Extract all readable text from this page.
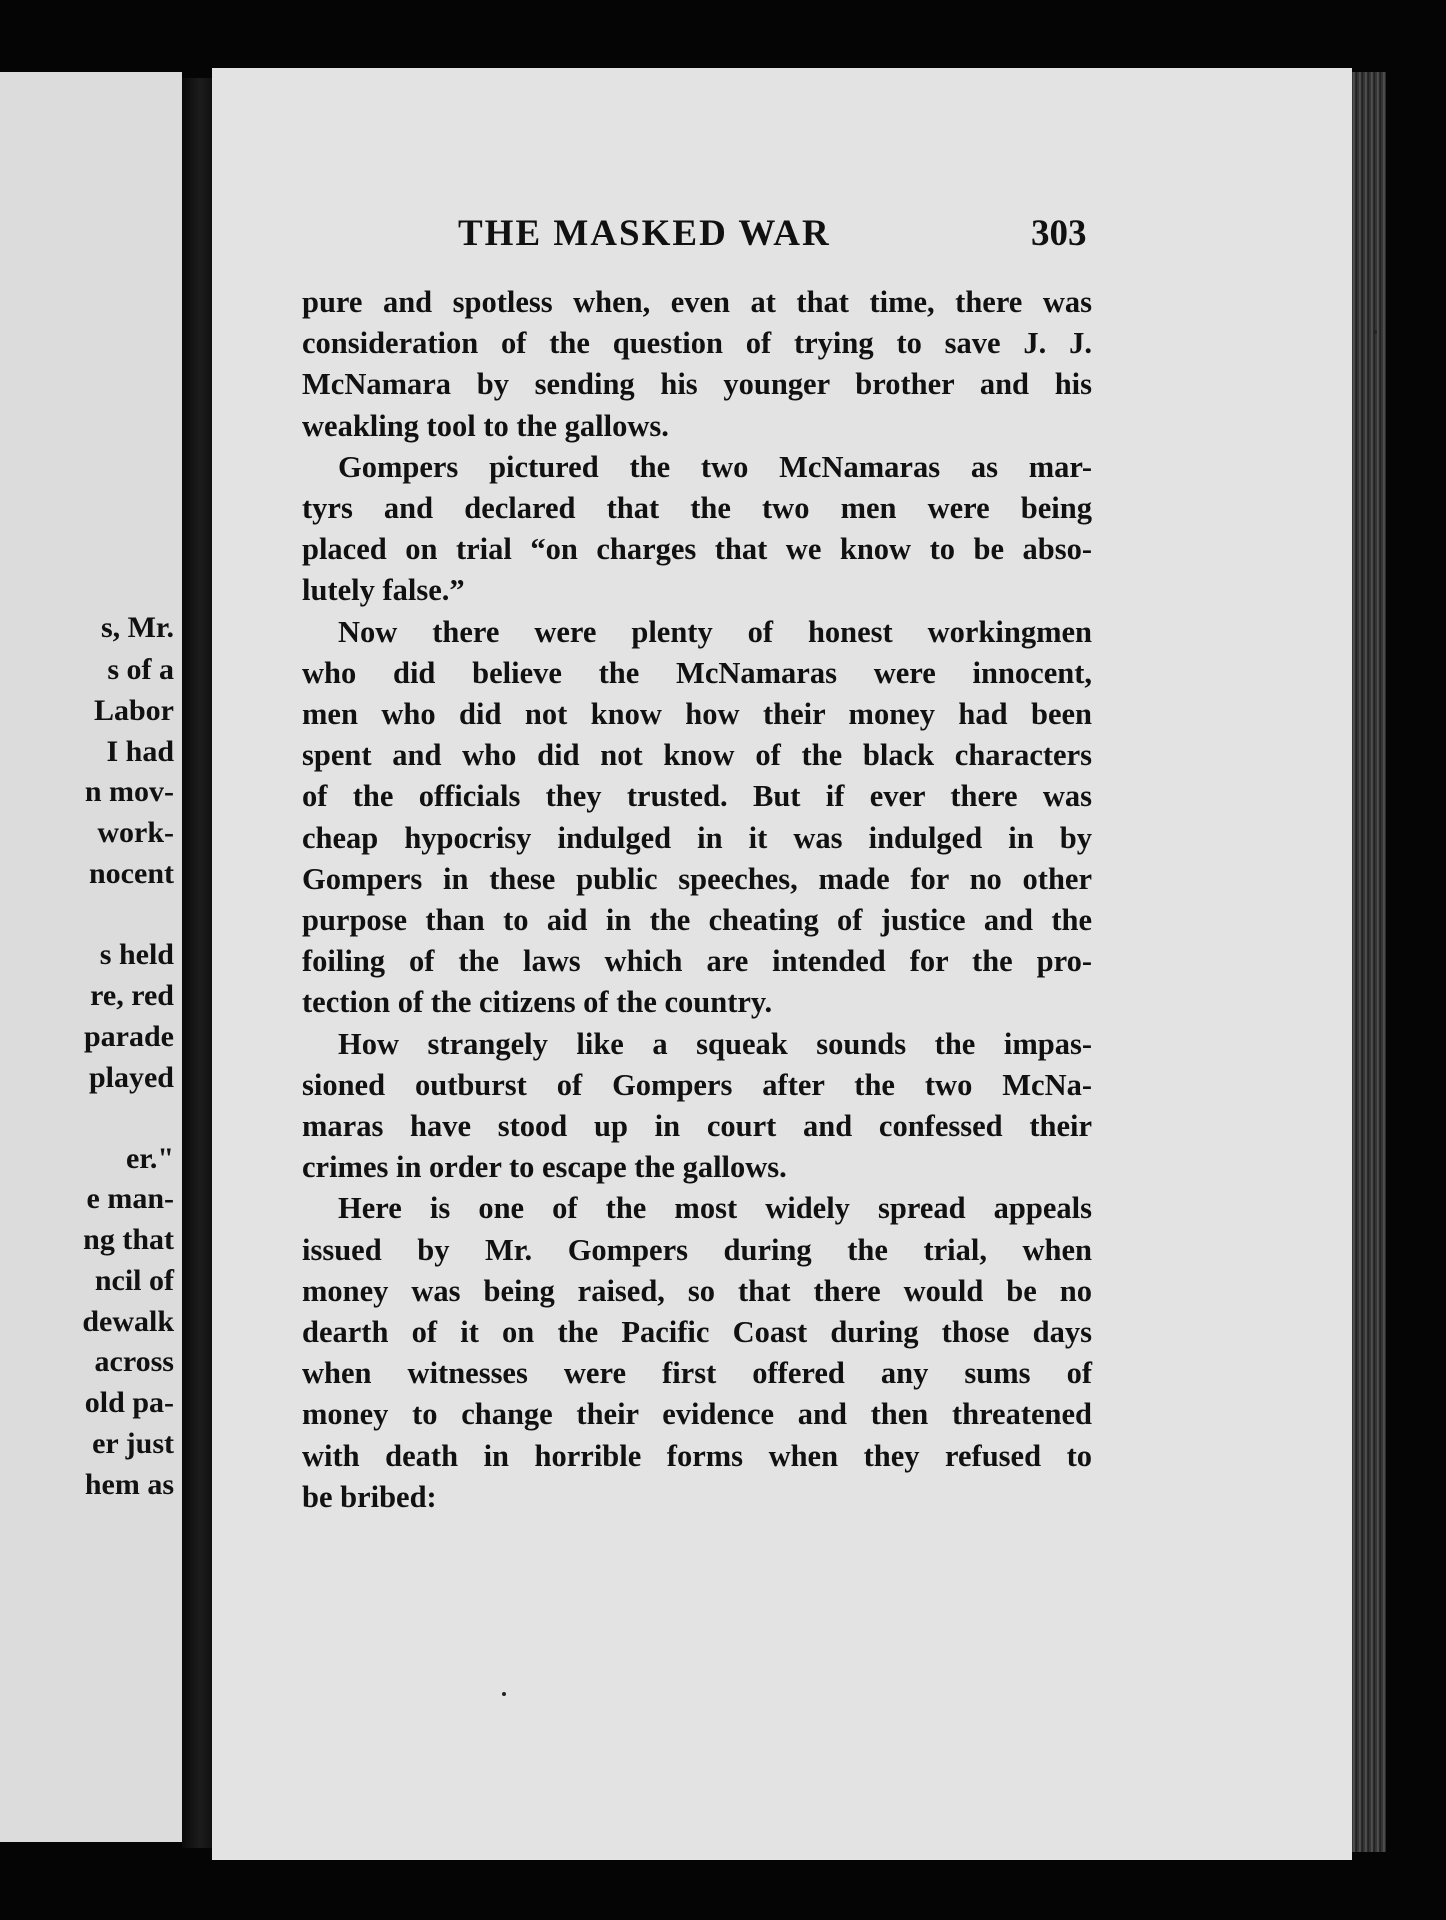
s, Mr.
s of a
Labor
I had
n mov-
work-
nocent
s held
re, red
parade
played
er."
e man-
ng that
ncil of
dewalk
across
old pa-
er just
hem as
THE MASKED WAR	303
pure and spotless when, even at that time, there was
consideration of the question of trying to save J. J.
McNamara by sending his younger brother and his
weakling tool to the gallows.
Gompers pictured the two McNamaras as mar-
tyrs and declared that the two men were being
placed on trial “on charges that we know to be abso-
lutely false.”
Now there were plenty of honest workingmen
who did believe the McNamaras were innocent,
men who did not know how their money had been
spent and who did not know of the black characters
of the officials they trusted. But if ever there was
cheap hypocrisy indulged in it was indulged in by
Gompers in these public speeches, made for no other
purpose than to aid in the cheating of justice and the
foiling of the laws which are intended for the pro-
tection of the citizens of the country.
How strangely like a squeak sounds the impas-
sioned outburst of Gompers after the two McNa-
maras have stood up in court and confessed their
crimes in order to escape the gallows.
Here is one of the most widely spread appeals
issued by Mr. Gompers during the trial, when
money was being raised, so that there would be no
dearth of it on the Pacific Coast during those days
when witnesses were first offered any sums of
money to change their evidence and then threatened
with death in horrible forms when they refused to
be bribed:
